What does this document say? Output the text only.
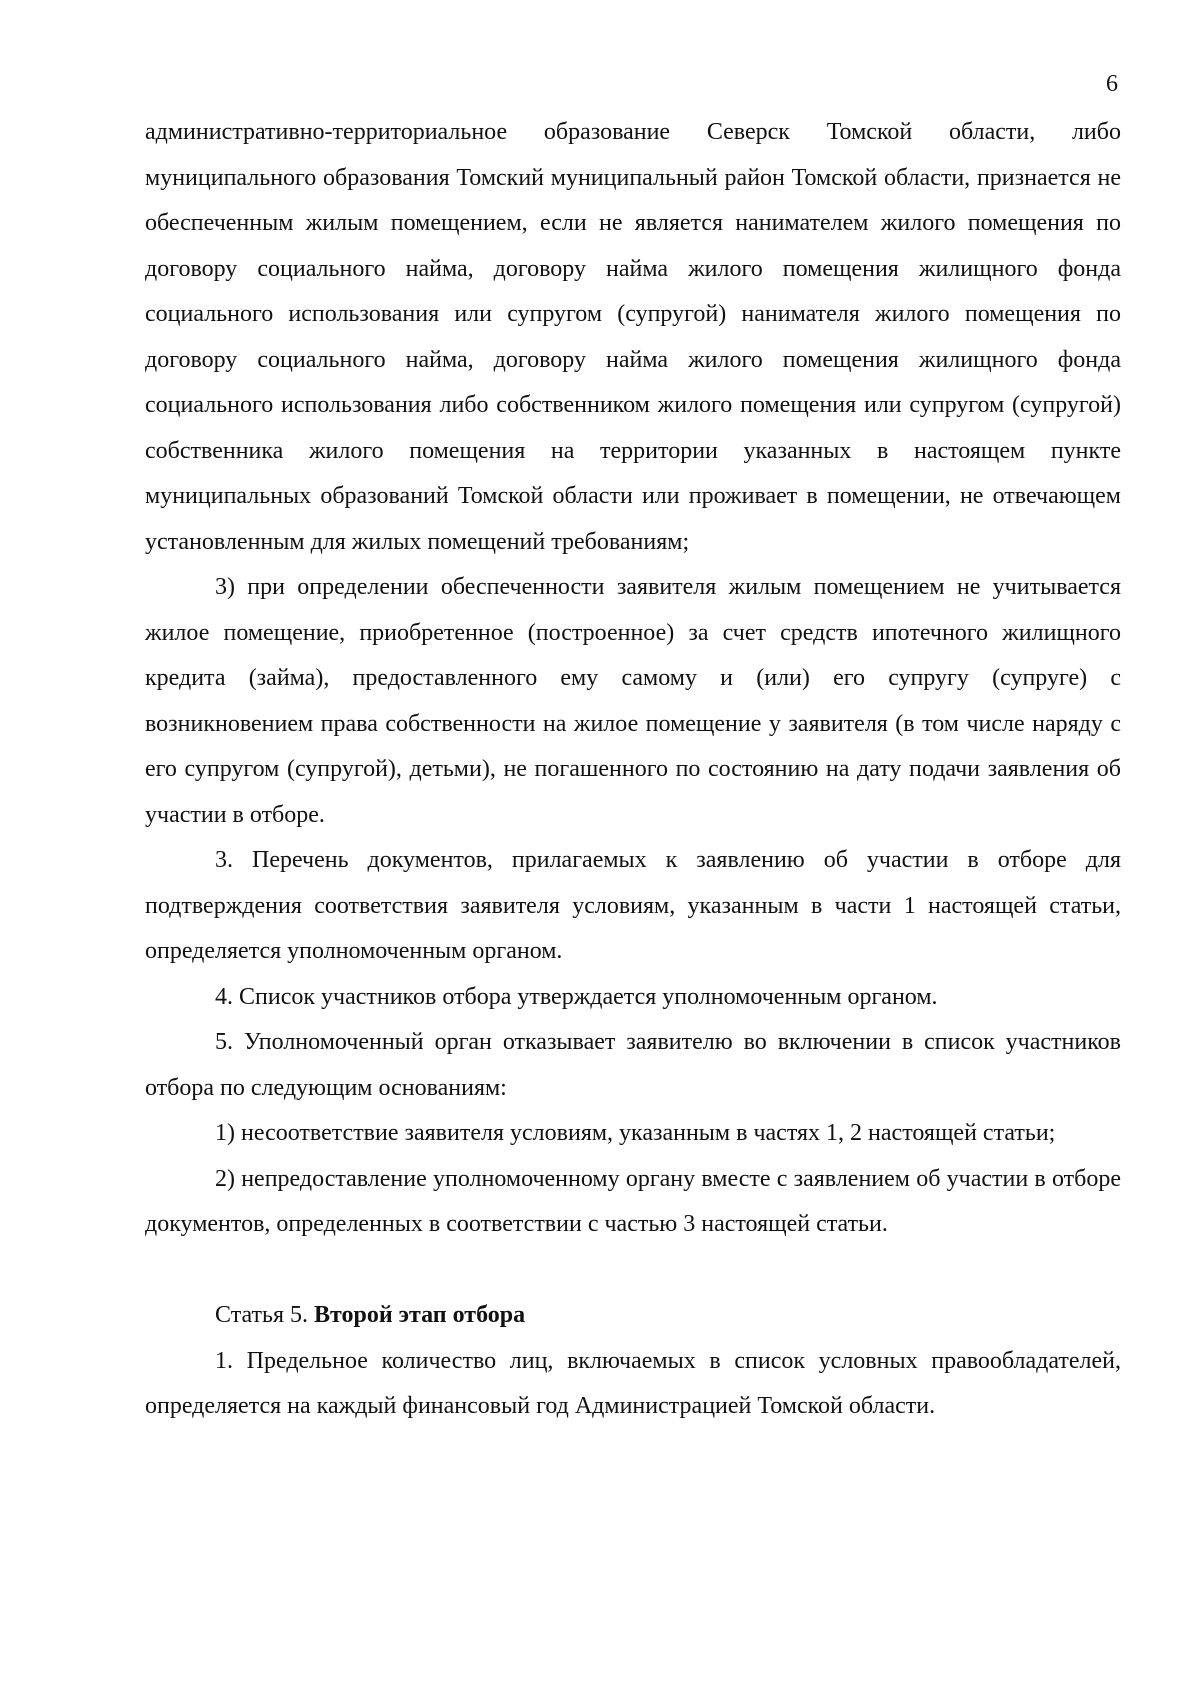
6

административно-территориальное образование Северск Томской области, либо муниципального образования Томский муниципальный район Томской области, признается не обеспеченным жилым помещением, если не является нанимателем жилого помещения по договору социального найма, договору найма жилого помещения жилищного фонда социального использования или супругом (супругой) нанимателя жилого помещения по договору социального найма, договору найма жилого помещения жилищного фонда социального использования либо собственником жилого помещения или супругом (супругой) собственника жилого помещения на территории указанных в настоящем пункте муниципальных образований Томской области или проживает в помещении, не отвечающем установленным для жилых помещений требованиям;

3) при определении обеспеченности заявителя жилым помещением не учитывается жилое помещение, приобретенное (построенное) за счет средств ипотечного жилищного кредита (займа), предоставленного ему самому и (или) его супругу (супруге) с возникновением права собственности на жилое помещение у заявителя (в том числе наряду с его супругом (супругой), детьми), не погашенного по состоянию на дату подачи заявления об участии в отборе.

3. Перечень документов, прилагаемых к заявлению об участии в отборе для подтверждения соответствия заявителя условиям, указанным в части 1 настоящей статьи, определяется уполномоченным органом.

4. Список участников отбора утверждается уполномоченным органом.

5. Уполномоченный орган отказывает заявителю во включении в список участников отбора по следующим основаниям:

1) несоответствие заявителя условиям, указанным в частях 1, 2 настоящей статьи;

2) непредоставление уполномоченному органу вместе с заявлением об участии в отборе документов, определенных в соответствии с частью 3 настоящей статьи.

Статья 5. Второй этап отбора

1. Предельное количество лиц, включаемых в список условных правообладателей, определяется на каждый финансовый год Администрацией Томской области.
